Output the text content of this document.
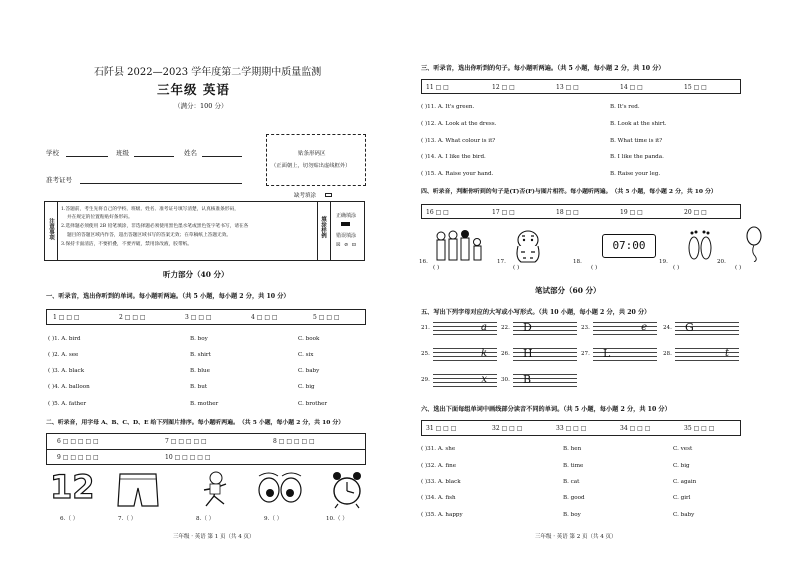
石阡县 2022—2023 学年度第二学期期中质量监测
三年级 英语
（满分：100 分）
学校	班级	姓名
准考证号
贴条形码区
（正面朝上，切勿贴出虚线框外）
缺考填涂
注意事项
1.答题前，考生先将自己的学校、班级、姓名、准考证号填写清楚，认真核准条形码，
并在规定的位置粘贴好条形码。
2.选择题必须使用 2B 铅笔填涂，非选择题必须使用黑色墨水笔或黑色签字笔书写，请在各
题目的答题区域内作答，超出答题区域书写的答案无效；在草稿纸上答题无效。
3.保持卡面清洁，不要折叠，不要弄破，禁用涂改液，胶带纸。
填涂样例 正确填涂
错误填涂
☒ ⊘ ⊡
听力部分（40 分）
一、听录音，选出你听到的单词。每小题听两遍。（共 5 小题，每小题 2 分，共 10 分）
1 □ □ □	2 □ □ □	3 □ □ □	4 □ □ □	5 □ □ □
( )1. A. bird	B. boy	C. book
( )2. A. see	B. shirt	C. six
( )3. A. black	B. blue	C. baby
( )4. A. balloon	B. but	C. big
( )5. A. father	B. mother	C. brother
二、听录音，用字母 A、B、C、D、E 给下列图片排序。每小题听两遍。（共 5 小题，每小题 2 分，共 10 分）
6 □ □ □ □ □	7 □ □ □ □ □	8 □ □ □ □ □
9 □ □ □ □ □	10 □ □ □ □ □
12
6.（ ）	7.（ ）	8.（ ）	9.（ ）	10.（ ）
三年级 · 英语 第 1 页（共 4 页）
三、听录音，选出你听到的句子。每小题听两遍。（共 5 小题，每小题 2 分，共 10 分）
11 □ □	12 □ □	13 □ □	14 □ □	15 □ □
( )11. A. It's green.	B. It's red.
( )12. A. Look at the dress.	B. Look at the shirt.
( )13. A. What colour is it?	B. What time is it?
( )14. A. I like the bird.	B. I like the panda.
( )15. A. Raise your hand.	B. Raise your leg.
四、听录音，判断你听到的句子是(T)否(F)与图片相符。每小题听两遍。（共 5 小题，每小题 2 分，共 10 分）
16 □ □	17 □ □	18 □ □	19 □ □	20 □ □
07:00
16.
( )
17.
( )
18.
( )
19.
( )
20.
( )
笔试部分（60 分）
五、写出下列字母对应的大写或小写形式。（共 10 小题，每小题 2 分，共 20 分）
六、选出下面每组单词中画线部分读音不同的单词。（共 5 小题，每小题 2 分，共 10 分）
31 □ □ □	32 □ □ □	33 □ □ □	34 □ □ □	35 □ □ □
( )31. A. she	B. hen	C. vest
( )32. A. fine	B. time	C. big
( )33. A. black	B. cat	C. again
( )34. A. fish	B. good	C. girl
( )35. A. happy	B. boy	C. baby
三年级 · 英语 第 2 页（共 4 页）
21.	a	22. D	23.	e	24. G
25.	k	26. H	27. L	28.	t
29.	x	30. B
